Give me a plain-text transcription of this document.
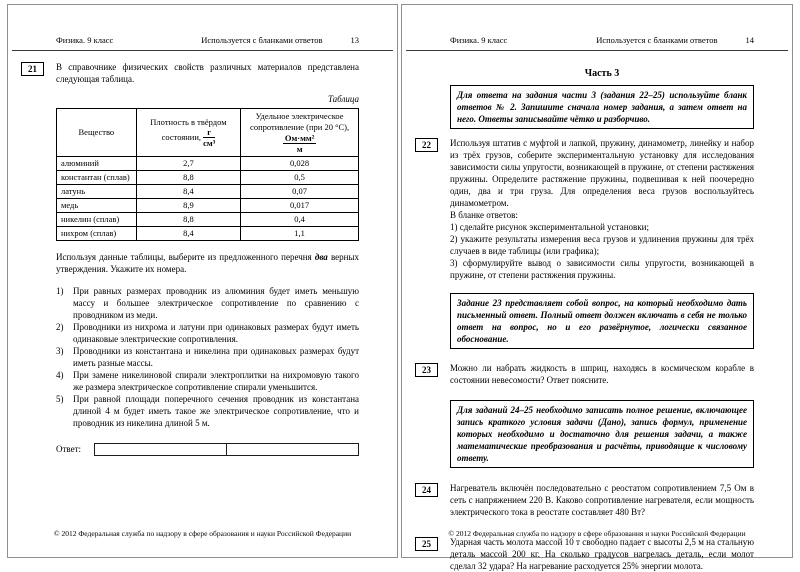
Физика. 9 класс	Используется с бланками ответов	13
21	В справочнике физических свойств различных материалов представлена следующая таблица.

Таблица
Вещество	Плотность в твёрдом состоянии, $\frac{г}{\text{см³}}$	Удельное электрическое сопротивление (при 20 °С),
$\frac{\text{Ом·мм²}}{м}$

алюминий	2,7	0,028
константан (сплав)	8,8	0,5
латунь	8,4	0,07
медь	8,9	0,017
никелин (сплав)	8,8	0,4
нихром (сплав)	8,4	1,1

Используя данные таблицы, выберите из предложенного перечня два верных утверждения. Укажите их номера.

1)	При равных размерах проводник из алюминия будет иметь меньшую массу и большее электрическое сопротивление по сравнению с проводником из меди.
2)	Проводники из нихрома и латуни при одинаковых размерах будут иметь одинаковые электрические сопротивления.
3)	Проводники из константана и никелина при одинаковых размерах будут иметь разные массы.
4)	При замене никелиновой спирали электроплитки на нихромовую такого же размера электрическое сопротивление спирали уменьшится.
5)	При равной площади поперечного сечения проводник из константана длиной 4 м будет иметь такое же электрическое сопротивление, что и проводник из никелина длиной 5 м.
Ответ:
© 2012 Федеральная служба по надзору в сфере образования и науки Российской Федерации
Физика. 9 класс	Используется с бланками ответов	14
Часть 3
Для ответа на задания части 3 (задания 22–25) используйте бланк ответов № 2. Запишите сначала номер задания, а затем ответ на него. Ответы записывайте чётко и разборчиво.
22	Используя штатив с муфтой и лапкой, пружину, динамометр, линейку и набор из трёх грузов, соберите экспериментальную установку для исследования зависимости силы упругости, возникающей в пружине, от степени растяжения пружины. Определите растяжение пружины, подвешивая к ней поочередно один, два и три груза. Для определения веса грузов воспользуйтесь динамометром.

В бланке ответов:

1) сделайте рисунок экспериментальной установки;

2) укажите результаты измерения веса грузов и удлинения пружины для трёх случаев в виде таблицы (или графика);

3) сформулируйте вывод о зависимости силы упругости, возникающей в пружине, от степени растяжения пружины.

Задание 23 представляет собой вопрос, на который необходимо дать письменный ответ. Полный ответ должен включать в себя не только ответ на вопрос, но и его развёрнутое, логически связанное обоснование.
23	Можно ли набрать жидкость в шприц, находясь в космическом корабле в состоянии невесомости? Ответ поясните.

Для заданий 24–25 необходимо записать полное решение, включающее запись краткого условия задачи (Дано), запись формул, применение которых необходимо и достаточно для решения задачи, а также математические преобразования и расчёты, приводящие к числовому ответу.
24	Нагреватель включён последовательно с реостатом сопротивлением 7,5 Ом в сеть с напряжением 220 В. Каково сопротивление нагревателя, если мощность электрического тока в реостате составляет 480 Вт?

25	Ударная часть молота массой 10 т свободно падает с высоты 2,5 м на стальную деталь массой 200 кг. На сколько градусов нагрелась деталь, если молот сделал 32 удара? На нагревание расходуется 25% энергии молота.

© 2012 Федеральная служба по надзору в сфере образования и науки Российской Федерации
